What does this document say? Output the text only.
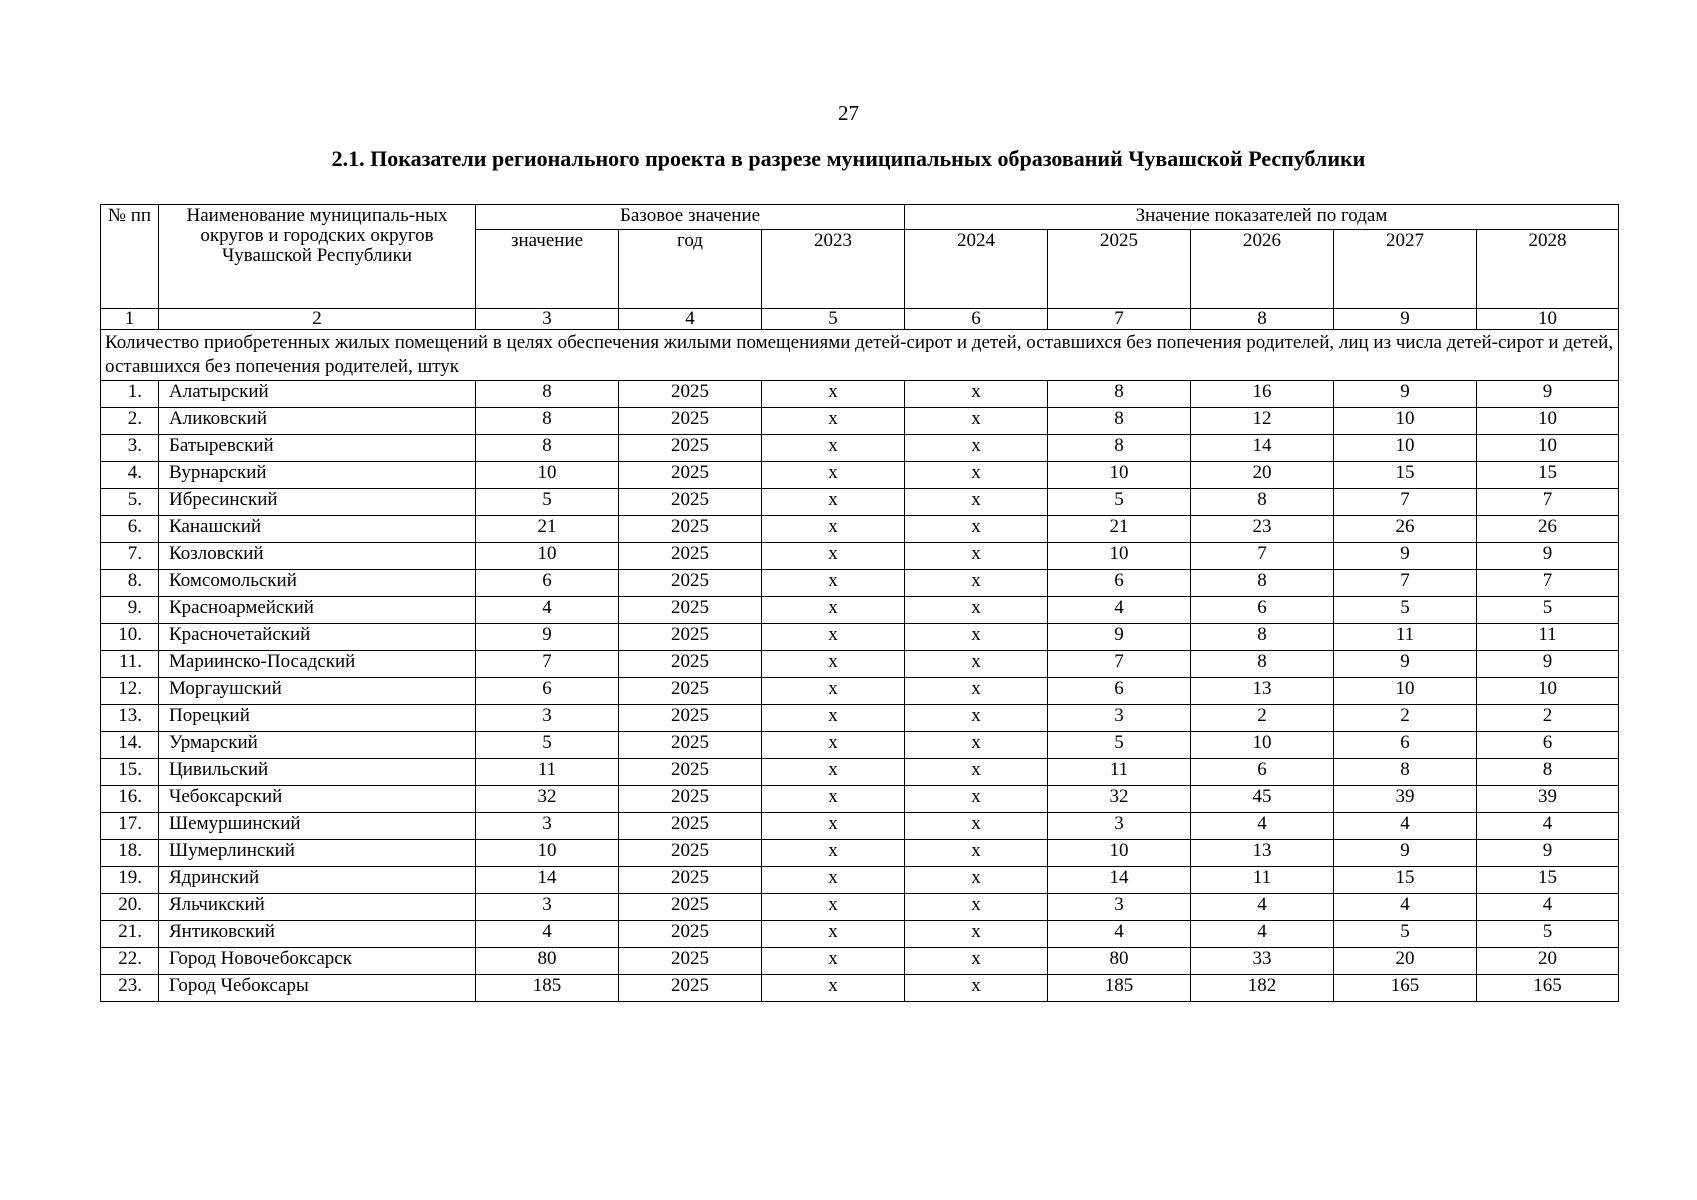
27
2.1. Показатели регионального проекта в разрезе муниципальных образований Чувашской Республики
№ пп	Наименование муниципаль-ных округов и городских округов Чувашской Республики	Базовое значение			Значение показателей по годам				
		значение	год	2023	2024	2025	2026	2027	2028
1	2	3	4	5	6	7	8	9	10
Количество приобретенных жилых помещений в целях обеспечения жилыми помещениями детей-сирот и детей, оставшихся без попечения родителей, лиц из числа детей-сирот и детей, оставшихся без попечения родителей, штук									
1.	Алатырский	8	2025	х	х	8	16	9	9
2.	Аликовский	8	2025	х	х	8	12	10	10
3.	Батыревский	8	2025	х	х	8	14	10	10
4.	Вурнарский	10	2025	х	х	10	20	15	15
5.	Ибресинский	5	2025	х	х	5	8	7	7
6.	Канашский	21	2025	х	х	21	23	26	26
7.	Козловский	10	2025	х	х	10	7	9	9
8.	Комсомольский	6	2025	х	х	6	8	7	7
9.	Красноармейский	4	2025	х	х	4	6	5	5
10.	Красночетайский	9	2025	х	х	9	8	11	11
11.	Мариинско-Посадский	7	2025	х	х	7	8	9	9
12.	Моргаушский	6	2025	х	х	6	13	10	10
13.	Порецкий	3	2025	х	х	3	2	2	2
14.	Урмарский	5	2025	х	х	5	10	6	6
15.	Цивильский	11	2025	х	х	11	6	8	8
16.	Чебоксарский	32	2025	х	х	32	45	39	39
17.	Шемуршинский	3	2025	х	х	3	4	4	4
18.	Шумерлинский	10	2025	х	х	10	13	9	9
19.	Ядринский	14	2025	х	х	14	11	15	15
20.	Яльчикский	3	2025	х	х	3	4	4	4
21.	Янтиковский	4	2025	х	х	4	4	5	5
22.	Город Новочебоксарск	80	2025	х	х	80	33	20	20
23.	Город Чебоксары	185	2025	х	х	185	182	165	165
